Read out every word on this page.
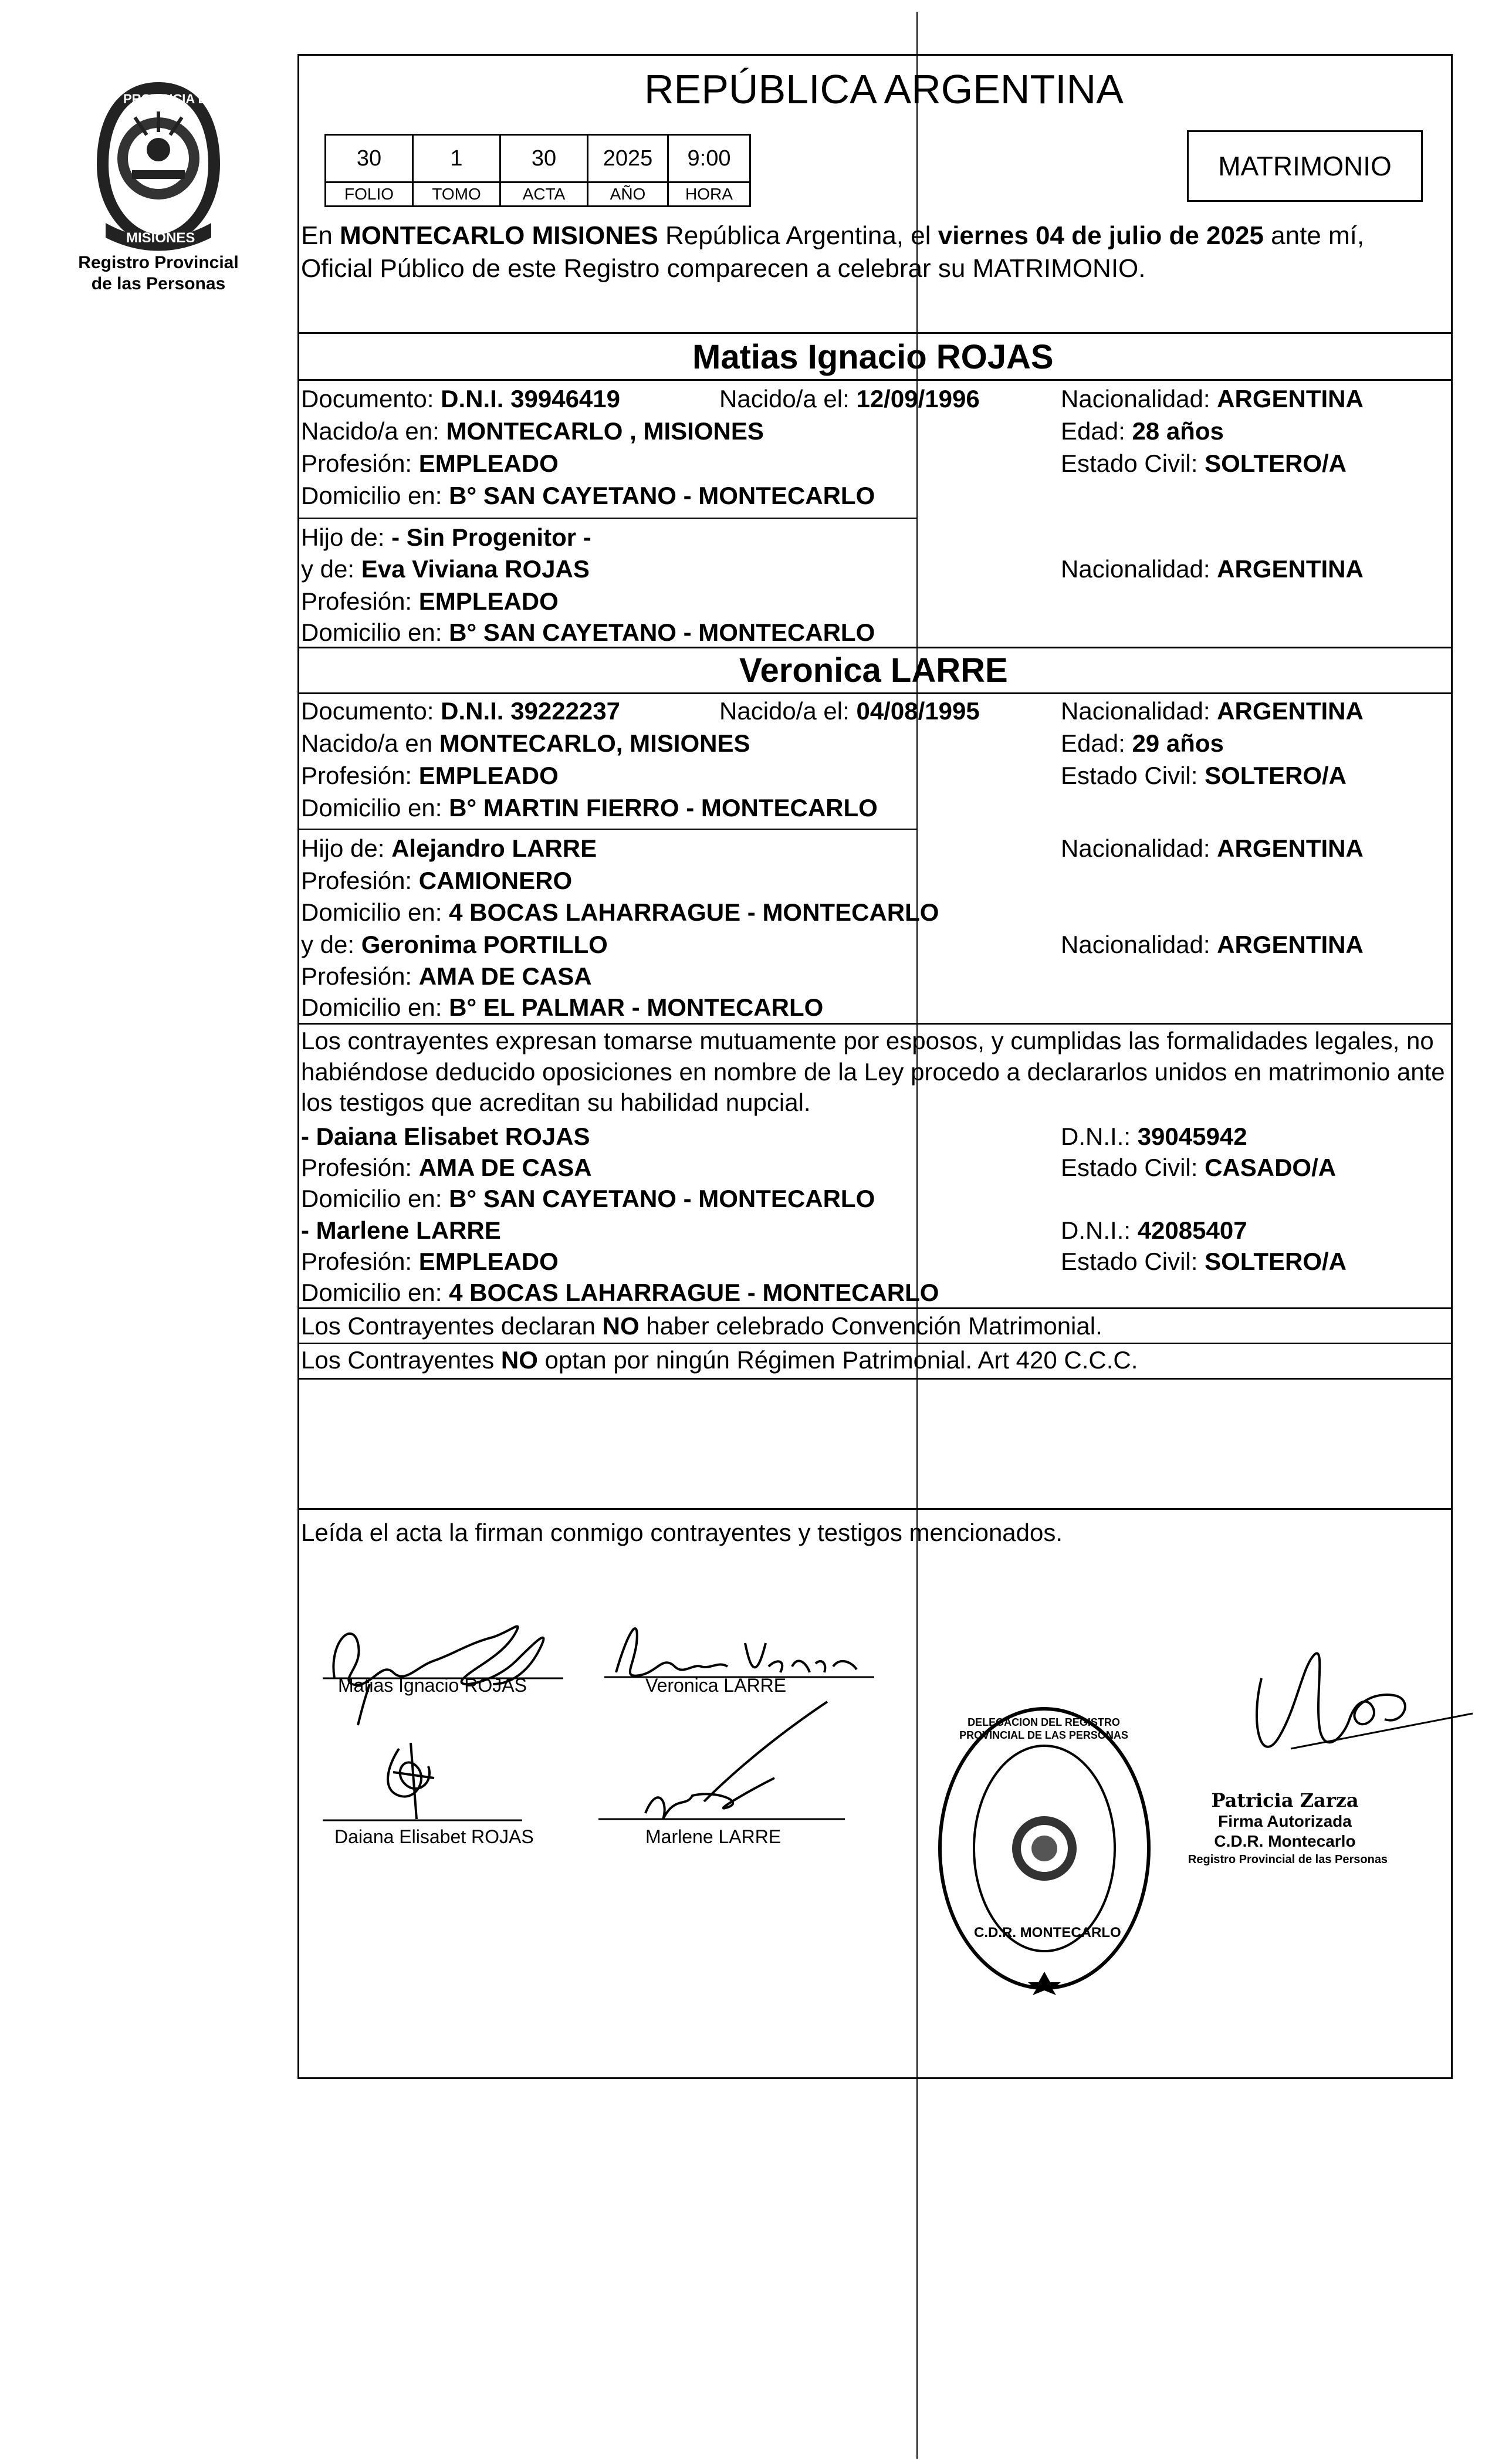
PROVINCIA DE
MISIONES
Registro Provincial
de las Personas
REPÚBLICA ARGENTINA
30	1	30	2025	9:00
FOLIO	TOMO	ACTA	AÑO	HORA
MATRIMONIO
En MONTECARLO MISIONES República Argentina, el viernes 04 de julio de 2025 ante mí,
Oficial Público de este Registro comparecen a celebrar su MATRIMONIO.
Matias Ignacio ROJAS
Documento: D.N.I. 39946419	Nacido/a el: 12/09/1996	Nacionalidad: ARGENTINA
Nacido/a en: MONTECARLO , MISIONES	Edad: 28 años
Profesión: EMPLEADO	Estado Civil: SOLTERO/A
Domicilio en: B° SAN CAYETANO - MONTECARLO
Hijo de: - Sin Progenitor -
y de: Eva Viviana ROJAS	Nacionalidad: ARGENTINA
Profesión: EMPLEADO
Domicilio en: B° SAN CAYETANO - MONTECARLO
Veronica LARRE
Documento: D.N.I. 39222237	Nacido/a el: 04/08/1995	Nacionalidad: ARGENTINA
Nacido/a en MONTECARLO, MISIONES	Edad: 29 años
Profesión: EMPLEADO	Estado Civil: SOLTERO/A
Domicilio en: B° MARTIN FIERRO - MONTECARLO
Hijo de: Alejandro LARRE	Nacionalidad: ARGENTINA
Profesión: CAMIONERO
Domicilio en: 4 BOCAS LAHARRAGUE - MONTECARLO
y de: Geronima PORTILLO	Nacionalidad: ARGENTINA
Profesión: AMA DE CASA
Domicilio en: B° EL PALMAR - MONTECARLO
Los contrayentes expresan tomarse mutuamente por esposos, y cumplidas las formalidades legales, no
habiéndose deducido oposiciones en nombre de la Ley procedo a declararlos unidos en matrimonio ante
los testigos que acreditan su habilidad nupcial.
- Daiana Elisabet ROJAS	D.N.I.: 39045942
Profesión: AMA DE CASA	Estado Civil: CASADO/A
Domicilio en: B° SAN CAYETANO - MONTECARLO
- Marlene LARRE	D.N.I.: 42085407
Profesión: EMPLEADO	Estado Civil: SOLTERO/A
Domicilio en: 4 BOCAS LAHARRAGUE - MONTECARLO
Los Contrayentes declaran NO haber celebrado Convención Matrimonial.
Los Contrayentes NO optan por ningún Régimen Patrimonial. Art 420 C.C.C.
Leída el acta la firman conmigo contrayentes y testigos mencionados.
Matias Ignacio ROJAS	Veronica LARRE
Daiana Elisabet ROJAS	Marlene LARRE
DELEGACION DEL REGISTRO PROVINCIAL DE LAS PERSONAS
C.D.R. MONTECARLO
Patricia Zarza
Firma Autorizada
C.D.R. Montecarlo
Registro Provincial de las Personas
